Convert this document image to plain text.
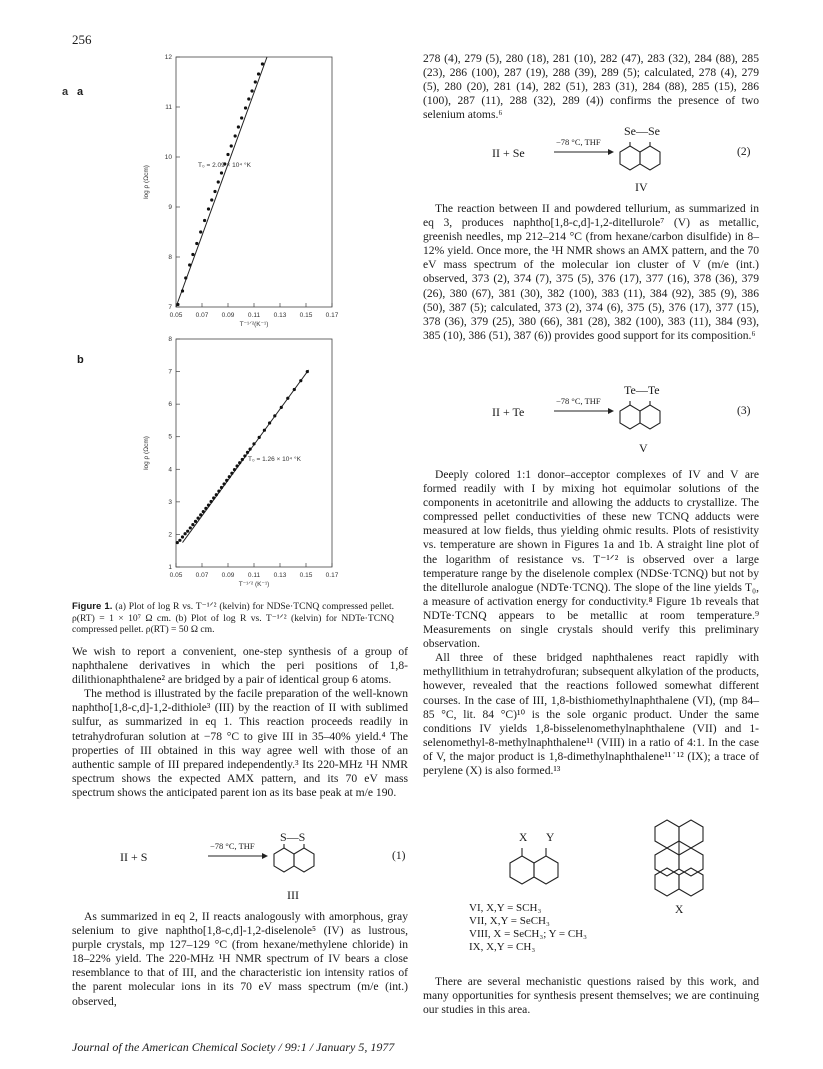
256
a
0.05 0.07 0.09 0.11 0.13 0.15 0.17
7
8
9
10
11
12
T⁻¹ᐟ²(K⁻¹)
log ρ (Ωcm)	T₀ = 2.09 × 10⁴ °K
0.05 0.07 0.09 0.11 0.13 0.15 0.17
1
2
3
4
5
6
7
8
T⁻¹ᐟ² (K⁻¹)
log ρ (Ωcm)	T₀ = 1.26 × 10⁴ °K
a
b
Figure 1. (a) Plot of log R vs. T⁻¹ᐟ² (kelvin) for NDSe·TCNQ compressed pellet. ρ(RT) = 1 × 10⁷ Ω cm. (b) Plot of log R vs. T⁻¹ᐟ² (kelvin) for NDTe·TCNQ compressed pellet. ρ(RT) = 50 Ω cm.

We wish to report a convenient, one-step synthesis of a group of naphthalene derivatives in which the peri positions of 1,8-dilithionaphthalene² are bridged by a pair of identical group 6 atoms.

The method is illustrated by the facile preparation of the well-known naphtho[1,8-c,d]-1,2-dithiole³ (III) by the reaction of II with sublimed sulfur, as summarized in eq 1. This reaction proceeds readily in tetrahydrofuran solution at −78 °C to give III in 35–40% yield.⁴ The properties of III obtained in this way agree well with those of an authentic sample of III prepared independently.³ Its 220-MHz ¹H NMR spectrum shows the expected AMX pattern, and its 70 eV mass spectrum shows the anticipated parent ion as its base peak at m/e 190.

II + S
−78 °C, THF
S—S
III
(1)

As summarized in eq 2, II reacts analogously with amorphous, gray selenium to give naphtho[1,8-c,d]-1,2-diselenole⁵ (IV) as lustrous, purple crystals, mp 127–129 °C (from hexane/methylene chloride) in 18–22% yield. The 220-MHz ¹H NMR spectrum of IV bears a close resemblance to that of III, and the characteristic ion intensity ratios of the parent molecular ions in its 70 eV mass spectrum (m/e (int.) observed,

278 (4), 279 (5), 280 (18), 281 (10), 282 (47), 283 (32), 284 (88), 285 (23), 286 (100), 287 (19), 288 (39), 289 (5); calculated, 278 (4), 279 (5), 280 (20), 281 (14), 282 (51), 283 (31), 284 (88), 285 (15), 286 (100), 287 (11), 288 (32), 289 (4)) confirms the presence of two selenium atoms.⁶

II + Se
−78 °C, THF
Se—Se
IV
(2)

The reaction between II and powdered tellurium, as summarized in eq 3, produces naphtho[1,8-c,d]-1,2-ditellurole⁷ (V) as metallic, greenish needles, mp 212–214 °C (from hexane/carbon disulfide) in 8–12% yield. Once more, the ¹H NMR shows an AMX pattern, and the 70 eV mass spectrum of the molecular ion cluster of V (m/e (int.) observed, 373 (2), 374 (7), 375 (5), 376 (17), 377 (16), 378 (36), 379 (26), 380 (67), 381 (30), 382 (100), 383 (11), 384 (92), 385 (9), 386 (50), 387 (5); calculated, 373 (2), 374 (6), 375 (5), 376 (17), 377 (15), 378 (36), 379 (25), 380 (66), 381 (28), 382 (100), 383 (11), 384 (93), 385 (10), 386 (51), 387 (6)) provides good support for its composition.⁶

II + Te
−78 °C, THF
Te—Te
V
(3)

Deeply colored 1:1 donor–acceptor complexes of IV and V are formed readily with I by mixing hot equimolar solutions of the components in acetonitrile and allowing the adducts to crystallize. The compressed pellet conductivities of these new TCNQ adducts were measured at low fields, thus yielding ohmic results. Plots of resistivity vs. temperature are shown in Figures 1a and 1b. A straight line plot of the logarithm of resistance vs. T⁻¹ᐟ² is observed over a large temperature range by the diselenole complex (NDSe·TCNQ) but not by the ditellurole analogue (NDTe·TCNQ). The slope of the line yields T₀, a measure of activation energy for conductivity.⁸ Figure 1b reveals that NDTe·TCNQ appears to be metallic at room temperature.⁹ Measurements on single crystals should verify this preliminary observation.

All three of these bridged naphthalenes react rapidly with methyllithium in tetrahydrofuran; subsequent alkylation of the products, however, revealed that the reactions followed somewhat different courses. In the case of III, 1,8-bisthiomethylnaphthalene (VI), (mp 84–85 °C, lit. 84 °C)¹⁰ is the sole organic product. Under the same conditions IV yields 1,8-bisselenomethylnaphthalene (VII) and 1-selenomethyl-8-methylnaphthalene¹¹ (VIII) in a ratio of 4:1. In the case of V, the major product is 1,8-dimethylnaphthalene¹¹˙¹² (IX); a trace of perylene (X) is also formed.¹³

X Y
VI, X,Y = SCH₃
VII, X,Y = SeCH₃
VIII, X = SeCH₃; Y = CH₃
IX, X,Y = CH₃
X

There are several mechanistic questions raised by this work, and many opportunities for synthesis present themselves; we are continuing our studies in this area.

Journal of the American Chemical Society / 99:1 / January 5, 1977
